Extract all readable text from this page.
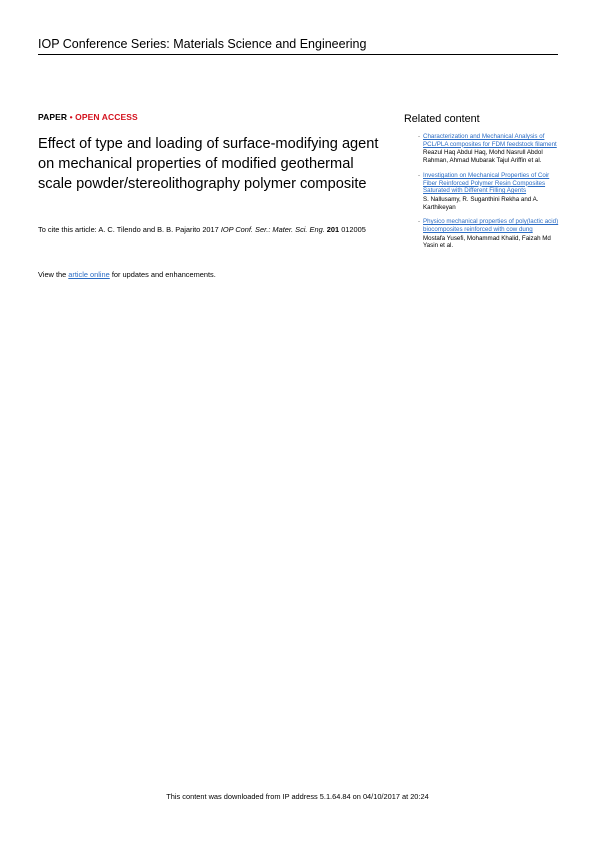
IOP Conference Series: Materials Science and Engineering
PAPER • OPEN ACCESS
Effect of type and loading of surface-modifying agent on mechanical properties of modified geothermal scale powder/stereolithography polymer composite
To cite this article: A. C. Tilendo and B. B. Pajarito 2017 IOP Conf. Ser.: Mater. Sci. Eng. 201 012005
View the article online for updates and enhancements.
Related content
- Characterization and Mechanical Analysis of PCL/PLA composites for FDM feedstock filament
Reazul Haq Abdul Haq, Mohd Nasrull Abdol Rahman, Ahmad Mubarak Tajul Ariffin et al.
- Investigation on Mechanical Properties of Coir Fiber Reinforced Polymer Resin Composites Saturated with Different Filling Agents
S. Nallusamy, R. Suganthini Rekha and A. Karthikeyan
- Physico mechanical properties of poly(lactic acid) biocomposites reinforced with cow dung
Mostafa Yusefi, Mohammad Khalid, Faizah Md Yasin et al.
This content was downloaded from IP address 5.1.64.84 on 04/10/2017 at 20:24
